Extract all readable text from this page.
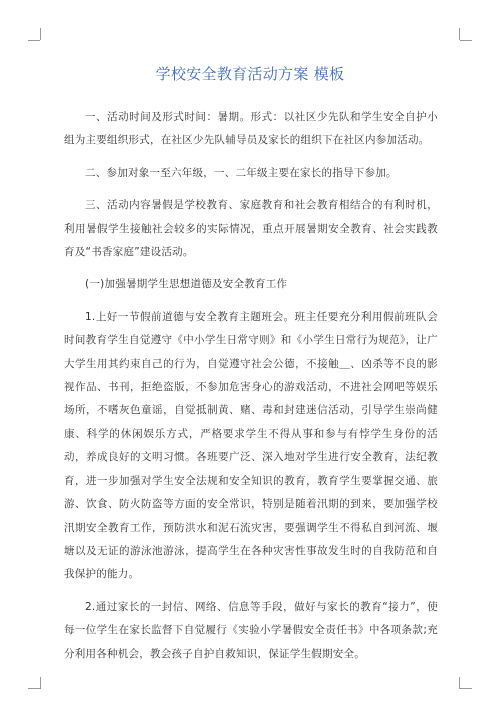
学校安全教育活动方案 模板

一、活动时间及形式时间：暑期。形式：以社区少先队和学生安全自护小组为主要组织形式，在社区少先队辅导员及家长的组织下在社区内参加活动。

二、参加对象一至六年级，一、二年级主要在家长的指导下参加。

三、活动内容暑假是学校教育、家庭教育和社会教育相结合的有利时机，利用暑假学生接触社会较多的实际情况，重点开展暑期安全教育、社会实践教育及“书香家庭”建设活动。

(一)加强暑期学生思想道德及安全教育工作

1.上好一节假前道德与安全教育主题班会。班主任要充分利用假前班队会时间教育学生自觉遵守《中小学生日常守则》和《小学生日常行为规范》，让广大学生用其约束自己的行为，自觉遵守社会公德，不接触＿、凶杀等不良的影视作品、书刊，拒绝盗版，不参加危害身心的游戏活动，不进社会网吧等娱乐场所，不嗜灰色童谣，自觉抵制黄、赌、毒和封建迷信活动，引导学生崇尚健康、科学的休闲娱乐方式，严格要求学生不得从事和参与有悖学生身份的活动，养成良好的文明习惯。各班要广泛、深入地对学生进行安全教育，法纪教育，进一步加强对学生安全法规和安全知识的教育，教育学生要掌握交通、旅游、饮食、防火防盗等方面的安全常识，特别是随着汛期的到来，要加强学校汛期安全教育工作，预防洪水和泥石流灾害，要强调学生不得私自到河流、堰塘以及无证的游泳池游泳，提高学生在各种灾害性事故发生时的自我防范和自我保护的能力。

2.通过家长的一封信、网络、信息等手段，做好与家长的教育“接力”，使每一位学生在家长监督下自觉履行《实验小学暑假安全责任书》中各项条款;充分利用各种机会，教会孩子自护自救知识，保证学生假期安全。
